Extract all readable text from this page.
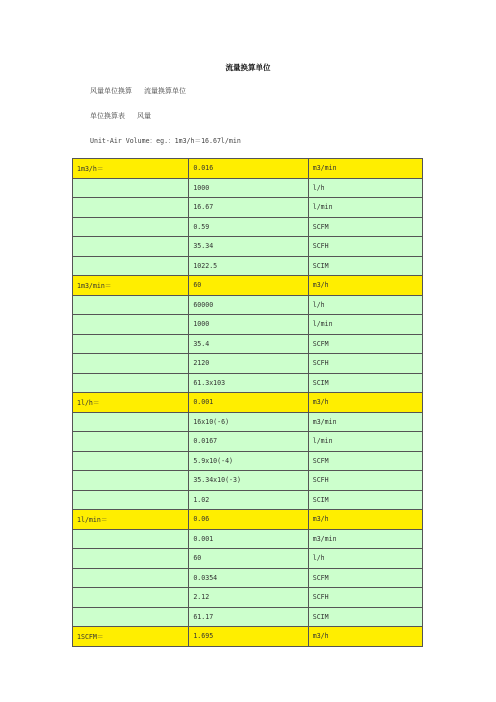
流量换算单位
风量单位换算 流量换算单位
单位换算表 风量
Unit-Air Volume：eg.：1m3/h＝16.67l/min
1m3/h＝	0.016	m3/min
	1000	l/h
	16.67	l/min
	0.59	SCFM
	35.34	SCFH
	1022.5	SCIM
1m3/min＝	60	m3/h
	60000	l/h
	1000	l/min
	35.4	SCFM
	2120	SCFH
	61.3x103	SCIM
1l/h＝	0.001	m3/h
	16x10(-6)	m3/min
	0.0167	l/min
	5.9x10(-4)	SCFM
	35.34x10(-3)	SCFH
	1.02	SCIM
1l/min＝	0.06	m3/h
	0.001	m3/min
	60	l/h
	0.0354	SCFM
	2.12	SCFH
	61.17	SCIM
1SCFM＝	1.695	m3/h
